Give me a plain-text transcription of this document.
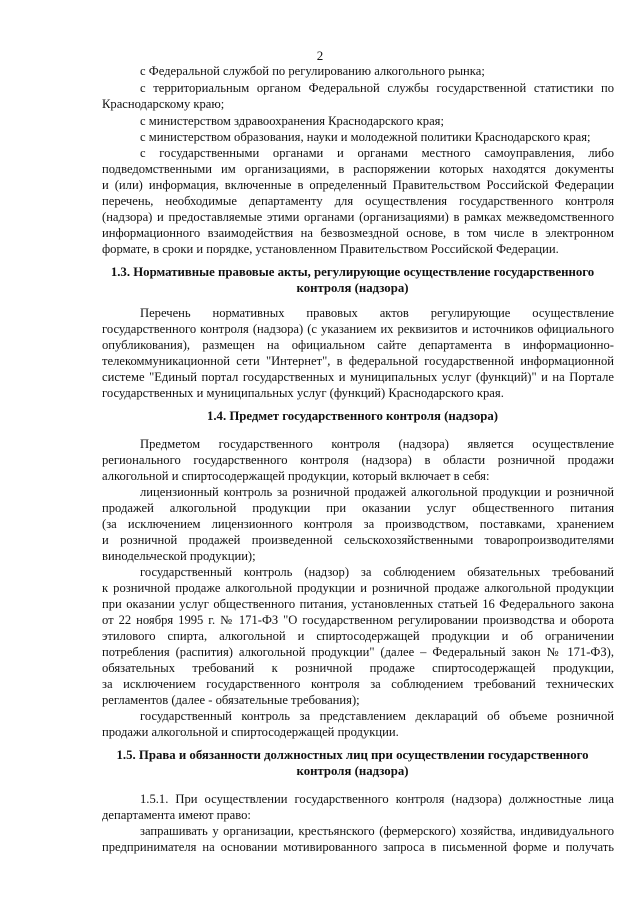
2
с Федеральной службой по регулированию алкогольного рынка;
с территориальным органом Федеральной службы государственной статистики по
Краснодарскому краю;
с министерством здравоохранения Краснодарского края;
с министерством образования, науки и молодежной политики Краснодарского края;
с государственными органами и органами местного самоуправления, либо
подведомственными им организациями, в распоряжении которых находятся документы
и (или) информация, включенные в определенный Правительством Российской Федерации
перечень, необходимые департаменту для осуществления государственного контроля
(надзора) и предоставляемые этими органами (организациями) в рамках межведомственного
информационного взаимодействия на безвозмездной основе, в том числе в электронном
формате, в сроки и порядке, установленном Правительством Российской Федерации.
1.3. Нормативные правовые акты, регулирующие осуществление государственного
контроля (надзора)
Перечень нормативных правовых актов регулирующие осуществление
государственного контроля (надзора) (с указанием их реквизитов и источников официального
опубликования), размещен на официальном сайте департамента в информационно-
телекоммуникационной сети "Интернет", в федеральной государственной информационной
системе "Единый портал государственных и муниципальных услуг (функций)" и на Портале
государственных и муниципальных услуг (функций) Краснодарского края.
1.4. Предмет государственного контроля (надзора)
Предметом государственного контроля (надзора) является осуществление
регионального государственного контроля (надзора) в области розничной продажи
алкогольной и спиртосодержащей продукции, который включает в себя:
лицензионный контроль за розничной продажей алкогольной продукции и розничной
продажей алкогольной продукции при оказании услуг общественного питания
(за исключением лицензионного контроля за производством, поставками, хранением
и розничной продажей произведенной сельскохозяйственными товаропроизводителями
винодельческой продукции);
государственный контроль (надзор) за соблюдением обязательных требований
к розничной продаже алкогольной продукции и розничной продаже алкогольной продукции
при оказании услуг общественного питания, установленных статьей 16 Федерального закона
от 22 ноября 1995 г. № 171-ФЗ "О государственном регулировании производства и оборота
этилового спирта, алкогольной и спиртосодержащей продукции и об ограничении
потребления (распития) алкогольной продукции" (далее – Федеральный закон № 171-ФЗ),
обязательных требований к розничной продаже спиртосодержащей продукции,
за исключением государственного контроля за соблюдением требований технических
регламентов (далее - обязательные требования);
государственный контроль за представлением деклараций об объеме розничной
продажи алкогольной и спиртосодержащей продукции.
1.5. Права и обязанности должностных лиц при осуществлении государственного
контроля (надзора)
1.5.1. При осуществлении государственного контроля (надзора) должностные лица
департамента имеют право:
запрашивать у организации, крестьянского (фермерского) хозяйства, индивидуального
предпринимателя на основании мотивированного запроса в письменной форме и получать
